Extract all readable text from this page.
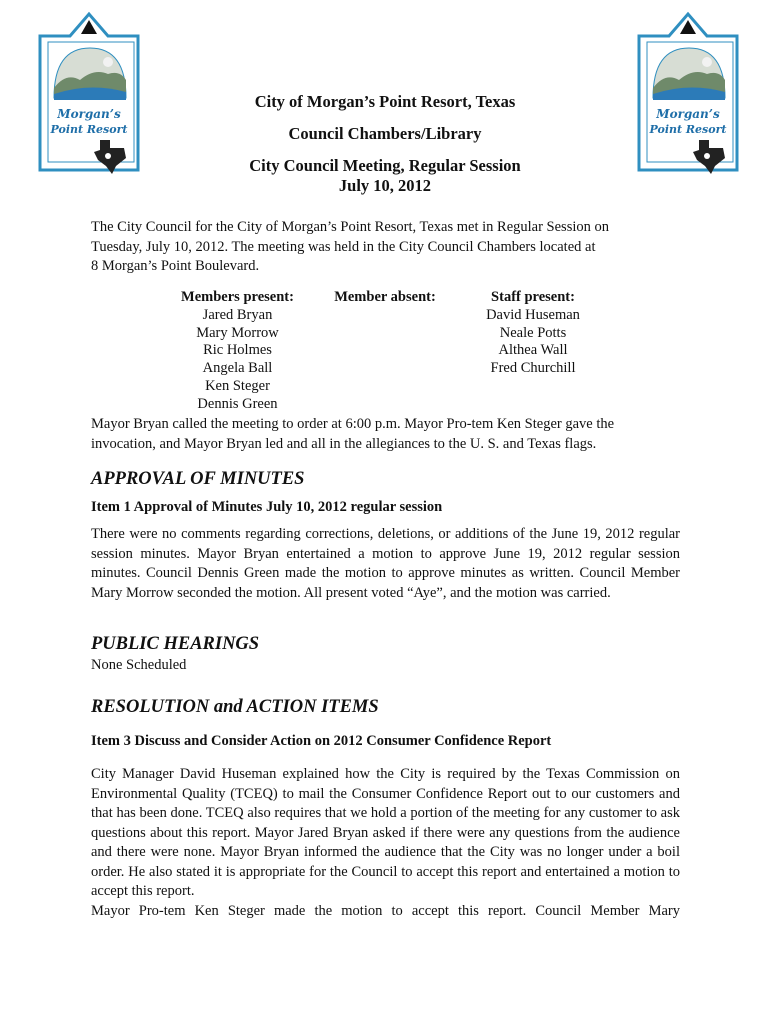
Morgan’s
Point Resort
Morgan’s
Point Resort
City of Morgan’s Point Resort, Texas
Council Chambers/Library
City Council Meeting, Regular Session
July 10, 2012
The City Council for the City of Morgan’s Point Resort, Texas met in Regular Session on
Tuesday, July 10, 2012. The meeting was held in the City Council Chambers located at
8 Morgan’s Point Boulevard.
Members present:
Jared Bryan
Mary Morrow
Ric Holmes
Angela Ball
Ken Steger
Dennis Green
Member absent:	Staff present:
David Huseman
Neale Potts
Althea Wall
Fred Churchill
Mayor Bryan called the meeting to order at 6:00 p.m. Mayor Pro-tem Ken Steger gave the
invocation, and Mayor Bryan led and all in the allegiances to the U. S. and Texas flags.
APPROVAL OF MINUTES
Item 1 Approval of Minutes July 10, 2012 regular session
There were no comments regarding corrections, deletions, or additions of the June 19, 2012 regular session minutes. Mayor Bryan entertained a motion to approve June 19, 2012 regular session minutes. Council Dennis Green made the motion to approve minutes as written. Council Member Mary Morrow seconded the motion. All present voted “Aye”, and the motion was carried.
PUBLIC HEARINGS
None Scheduled
RESOLUTION and ACTION ITEMS
Item 3 Discuss and Consider Action on 2012 Consumer Confidence Report
City Manager David Huseman explained how the City is required by the Texas Commission on Environmental Quality (TCEQ) to mail the Consumer Confidence Report out to our customers and that has been done. TCEQ also requires that we hold a portion of the meeting for any customer to ask questions about this report. Mayor Jared Bryan asked if there were any questions from the audience and there were none. Mayor Bryan informed the audience that the City was no longer under a boil order. He also stated it is appropriate for the Council to accept this report and entertained a motion to accept this report.
Mayor Pro-tem Ken Steger made the motion to accept this report. Council Member Mary
